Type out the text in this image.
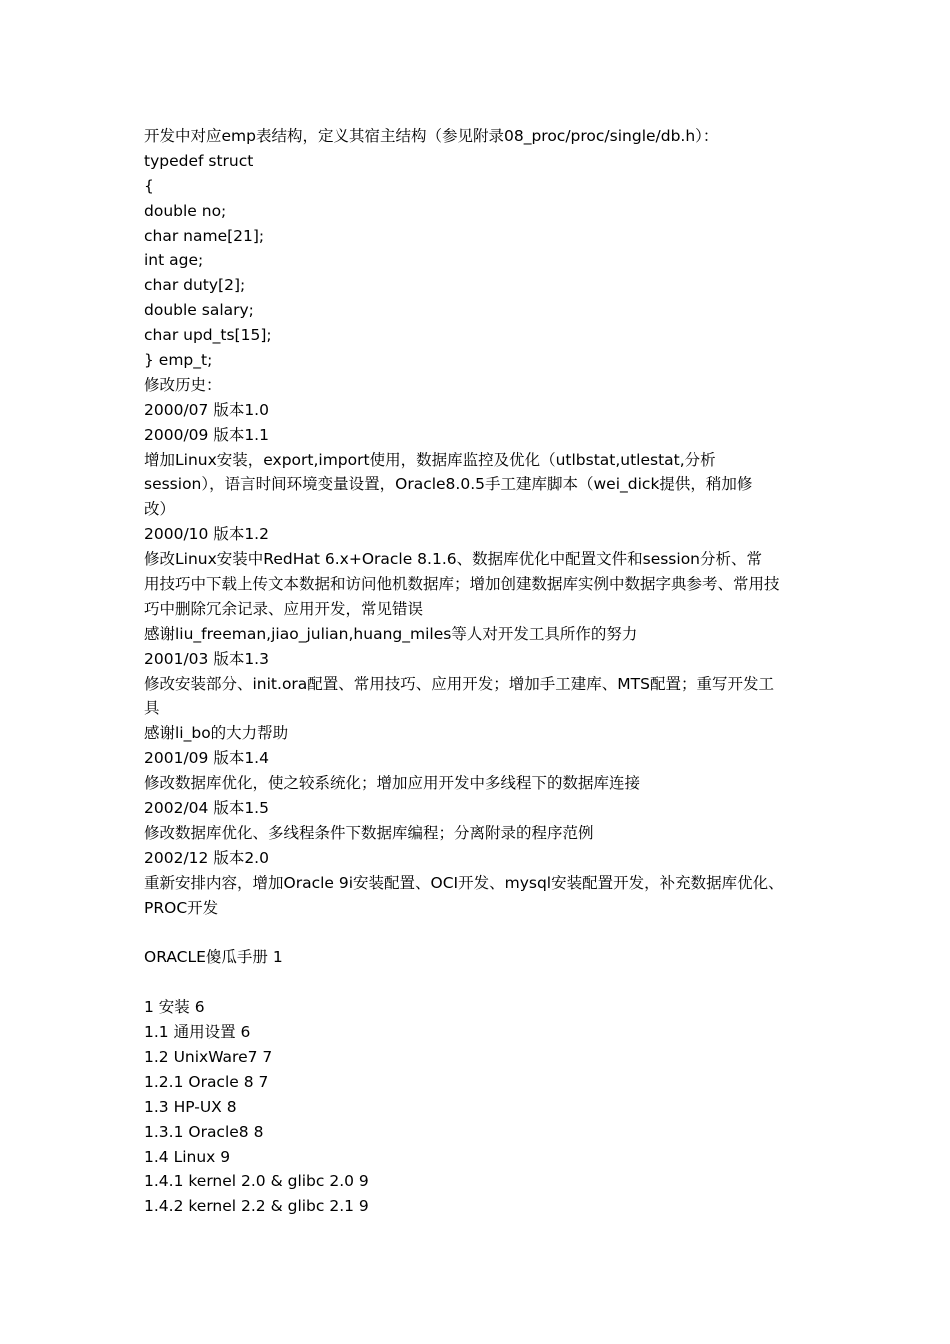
开发中对应emp表结构，定义其宿主结构（参见附录08_proc/proc/single/db.h）：
typedef struct
{
double no;
char name[21];
int age;
char duty[2];
double salary;
char upd_ts[15];
} emp_t;
修改历史：
2000/07 版本1.0
2000/09 版本1.1
增加Linux安装，export,import使用，数据库监控及优化（utlbstat,utlestat,分析
session），语言时间环境变量设置，Oracle8.0.5手工建库脚本（wei_dick提供，稍加修
改）
2000/10 版本1.2
修改Linux安装中RedHat 6.x+Oracle 8.1.6、数据库优化中配置文件和session分析、常
用技巧中下载上传文本数据和访问他机数据库；增加创建数据库实例中数据字典参考、常用技
巧中删除冗余记录、应用开发，常见错误
感谢liu_freeman,jiao_julian,huang_miles等人对开发工具所作的努力
2001/03 版本1.3
修改安装部分、init.ora配置、常用技巧、应用开发；增加手工建库、MTS配置；重写开发工
具
感谢li_bo的大力帮助
2001/09 版本1.4
修改数据库优化，使之较系统化；增加应用开发中多线程下的数据库连接
2002/04 版本1.5
修改数据库优化、多线程条件下数据库编程；分离附录的程序范例
2002/12 版本2.0
重新安排内容，增加Oracle 9i安装配置、OCI开发、mysql安装配置开发，补充数据库优化、
PROC开发
ORACLE傻瓜手册 1
1 安装 6
1.1 通用设置 6
1.2 UnixWare7 7
1.2.1 Oracle 8 7
1.3 HP-UX 8
1.3.1 Oracle8 8
1.4 Linux 9
1.4.1 kernel 2.0 & glibc 2.0 9
1.4.2 kernel 2.2 & glibc 2.1 9
